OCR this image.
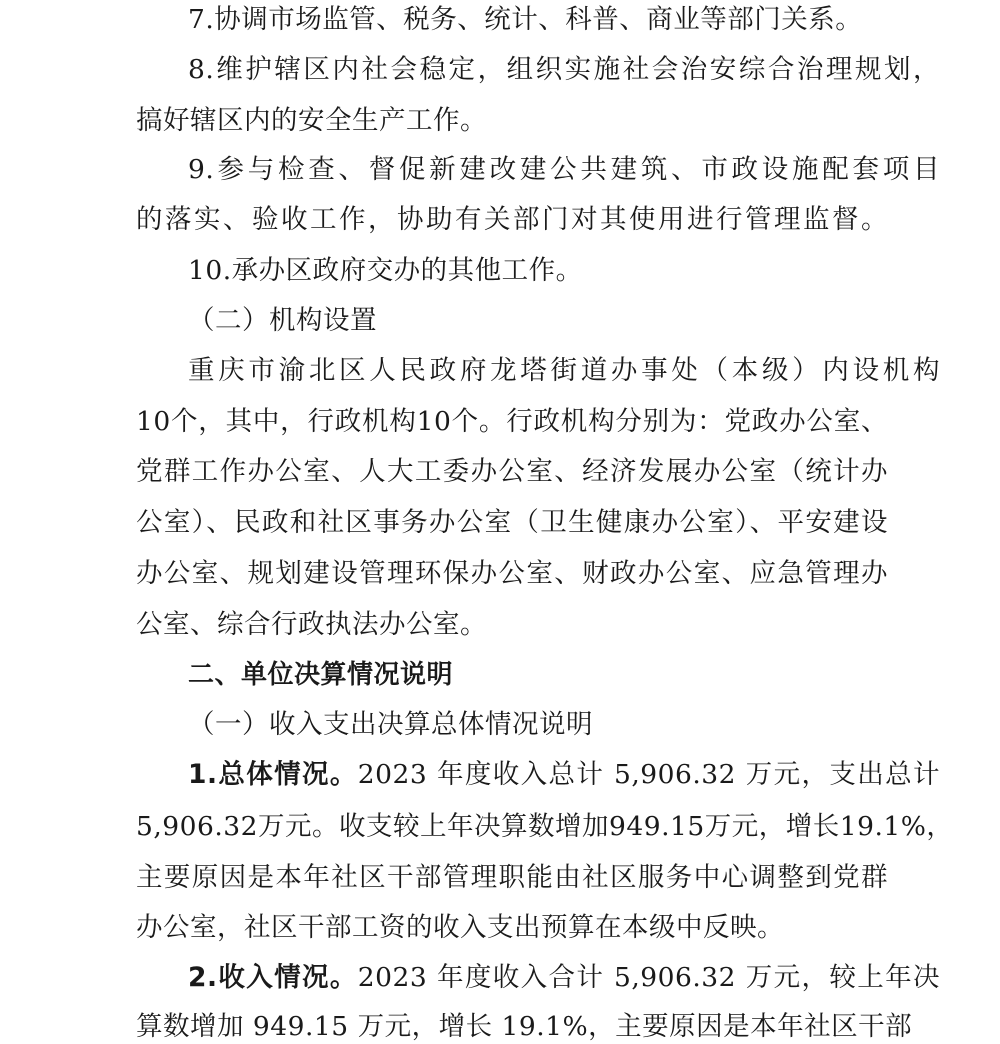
7.协调市场监管、税务、统计、科普、商业等部门关系。
8.维护辖区内社会稳定，组织实施社会治安综合治理规划，
搞好辖区内的安全生产工作。
9.参与检查、督促新建改建公共建筑、市政设施配套项目
的落实、验收工作，协助有关部门对其使用进行管理监督。
10.承办区政府交办的其他工作。
（二）机构设置
重庆市渝北区人民政府龙塔街道办事处（本级）内设机构
10个，其中，行政机构10个。行政机构分别为：党政办公室、
党群工作办公室、人大工委办公室、经济发展办公室（统计办
公室）、民政和社区事务办公室（卫生健康办公室）、平安建设
办公室、规划建设管理环保办公室、财政办公室、应急管理办
公室、综合行政执法办公室。
二、单位决算情况说明
（一）收入支出决算总体情况说明
1.总体情况。2023 年度收入总计 5,906.32 万元，支出总计
5,906.32万元。收支较上年决算数增加949.15万元，增长19.1%，
主要原因是本年社区干部管理职能由社区服务中心调整到党群
办公室，社区干部工资的收入支出预算在本级中反映。
2.收入情况。2023 年度收入合计 5,906.32 万元，较上年决
算数增加 949.15 万元，增长 19.1%，主要原因是本年社区干部
